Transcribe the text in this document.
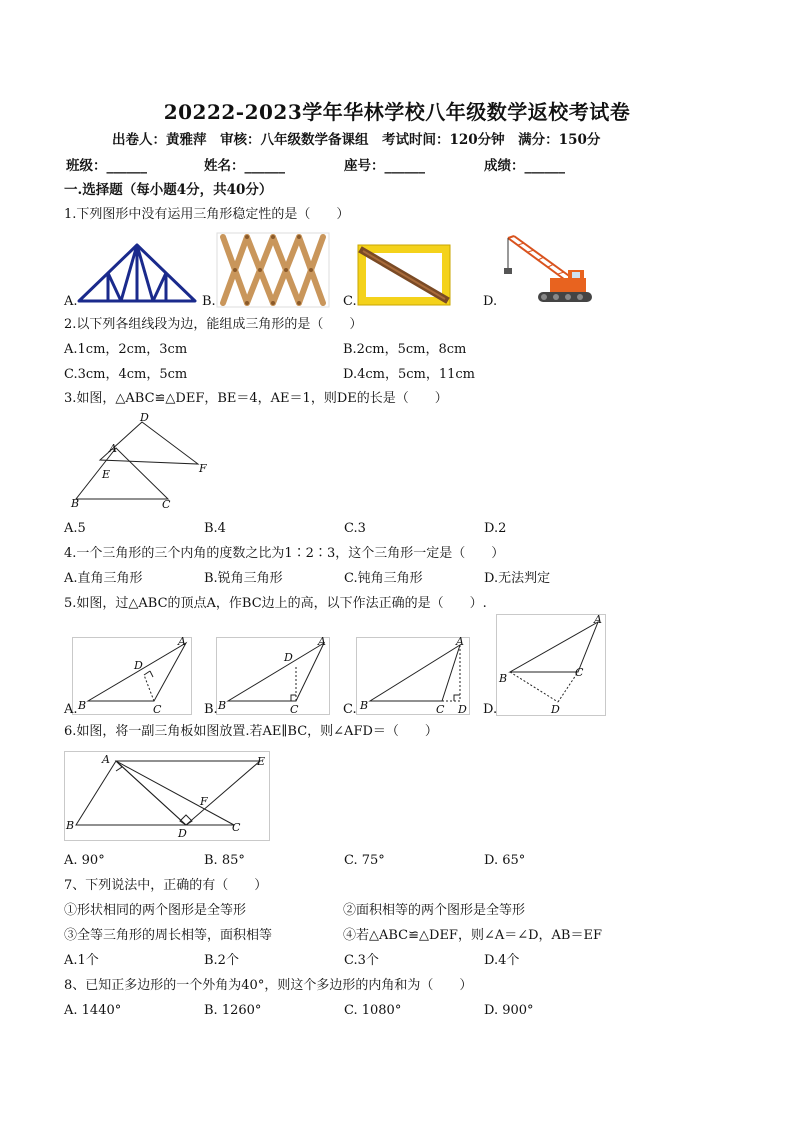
20222-2023学年华林学校八年级数学返校考试卷
出卷人：黄雅萍　审核：八年级数学备课组　考试时间：120分钟　满分：150分
班级：______	姓名：______	座号：______	成绩：______
一.选择题（每小题4分，共40分）
1.下列图形中没有运用三角形稳定性的是（　　）
A.	B.	C.	D.
2.以下列各组线段为边，能组成三角形的是（　　）
A.1cm，2cm，3cm	B.2cm，5cm，8cm
C.3cm，4cm，5cm	D.4cm，5cm，11cm
3.如图，△ABC≌△DEF，BE＝4，AE＝1，则DE的长是（　　）
D
A
F
E
B	C
A.5	B.4	C.3	D.2
4.一个三角形的三个内角的度数之比为1∶2∶3，这个三角形一定是（　　）
A.直角三角形	B.锐角三角形	C.钝角三角形	D.无法判定
5.如图，过△ABC的顶点A，作BC边上的高，以下作法正确的是（　　）.
A
B	C
D
A.
A
B	C
D
B.
A
B	C D
C.
A
B	C
D
D.
6.如图，将一副三角板如图放置.若AE∥BC，则∠AFD＝（　　）
A	E
F
B
D	C
A. 90°	B. 85°	C. 75°	D. 65°
7、下列说法中，正确的有（　　）
①形状相同的两个图形是全等形	②面积相等的两个图形是全等形
③全等三角形的周长相等，面积相等	④若△ABC≌△DEF，则∠A＝∠D，AB＝EF
A.1个	B.2个	C.3个	D.4个
8、已知正多边形的一个外角为40°，则这个多边形的内角和为（　　）
A. 1440°	B. 1260°	C. 1080°	D. 900°
